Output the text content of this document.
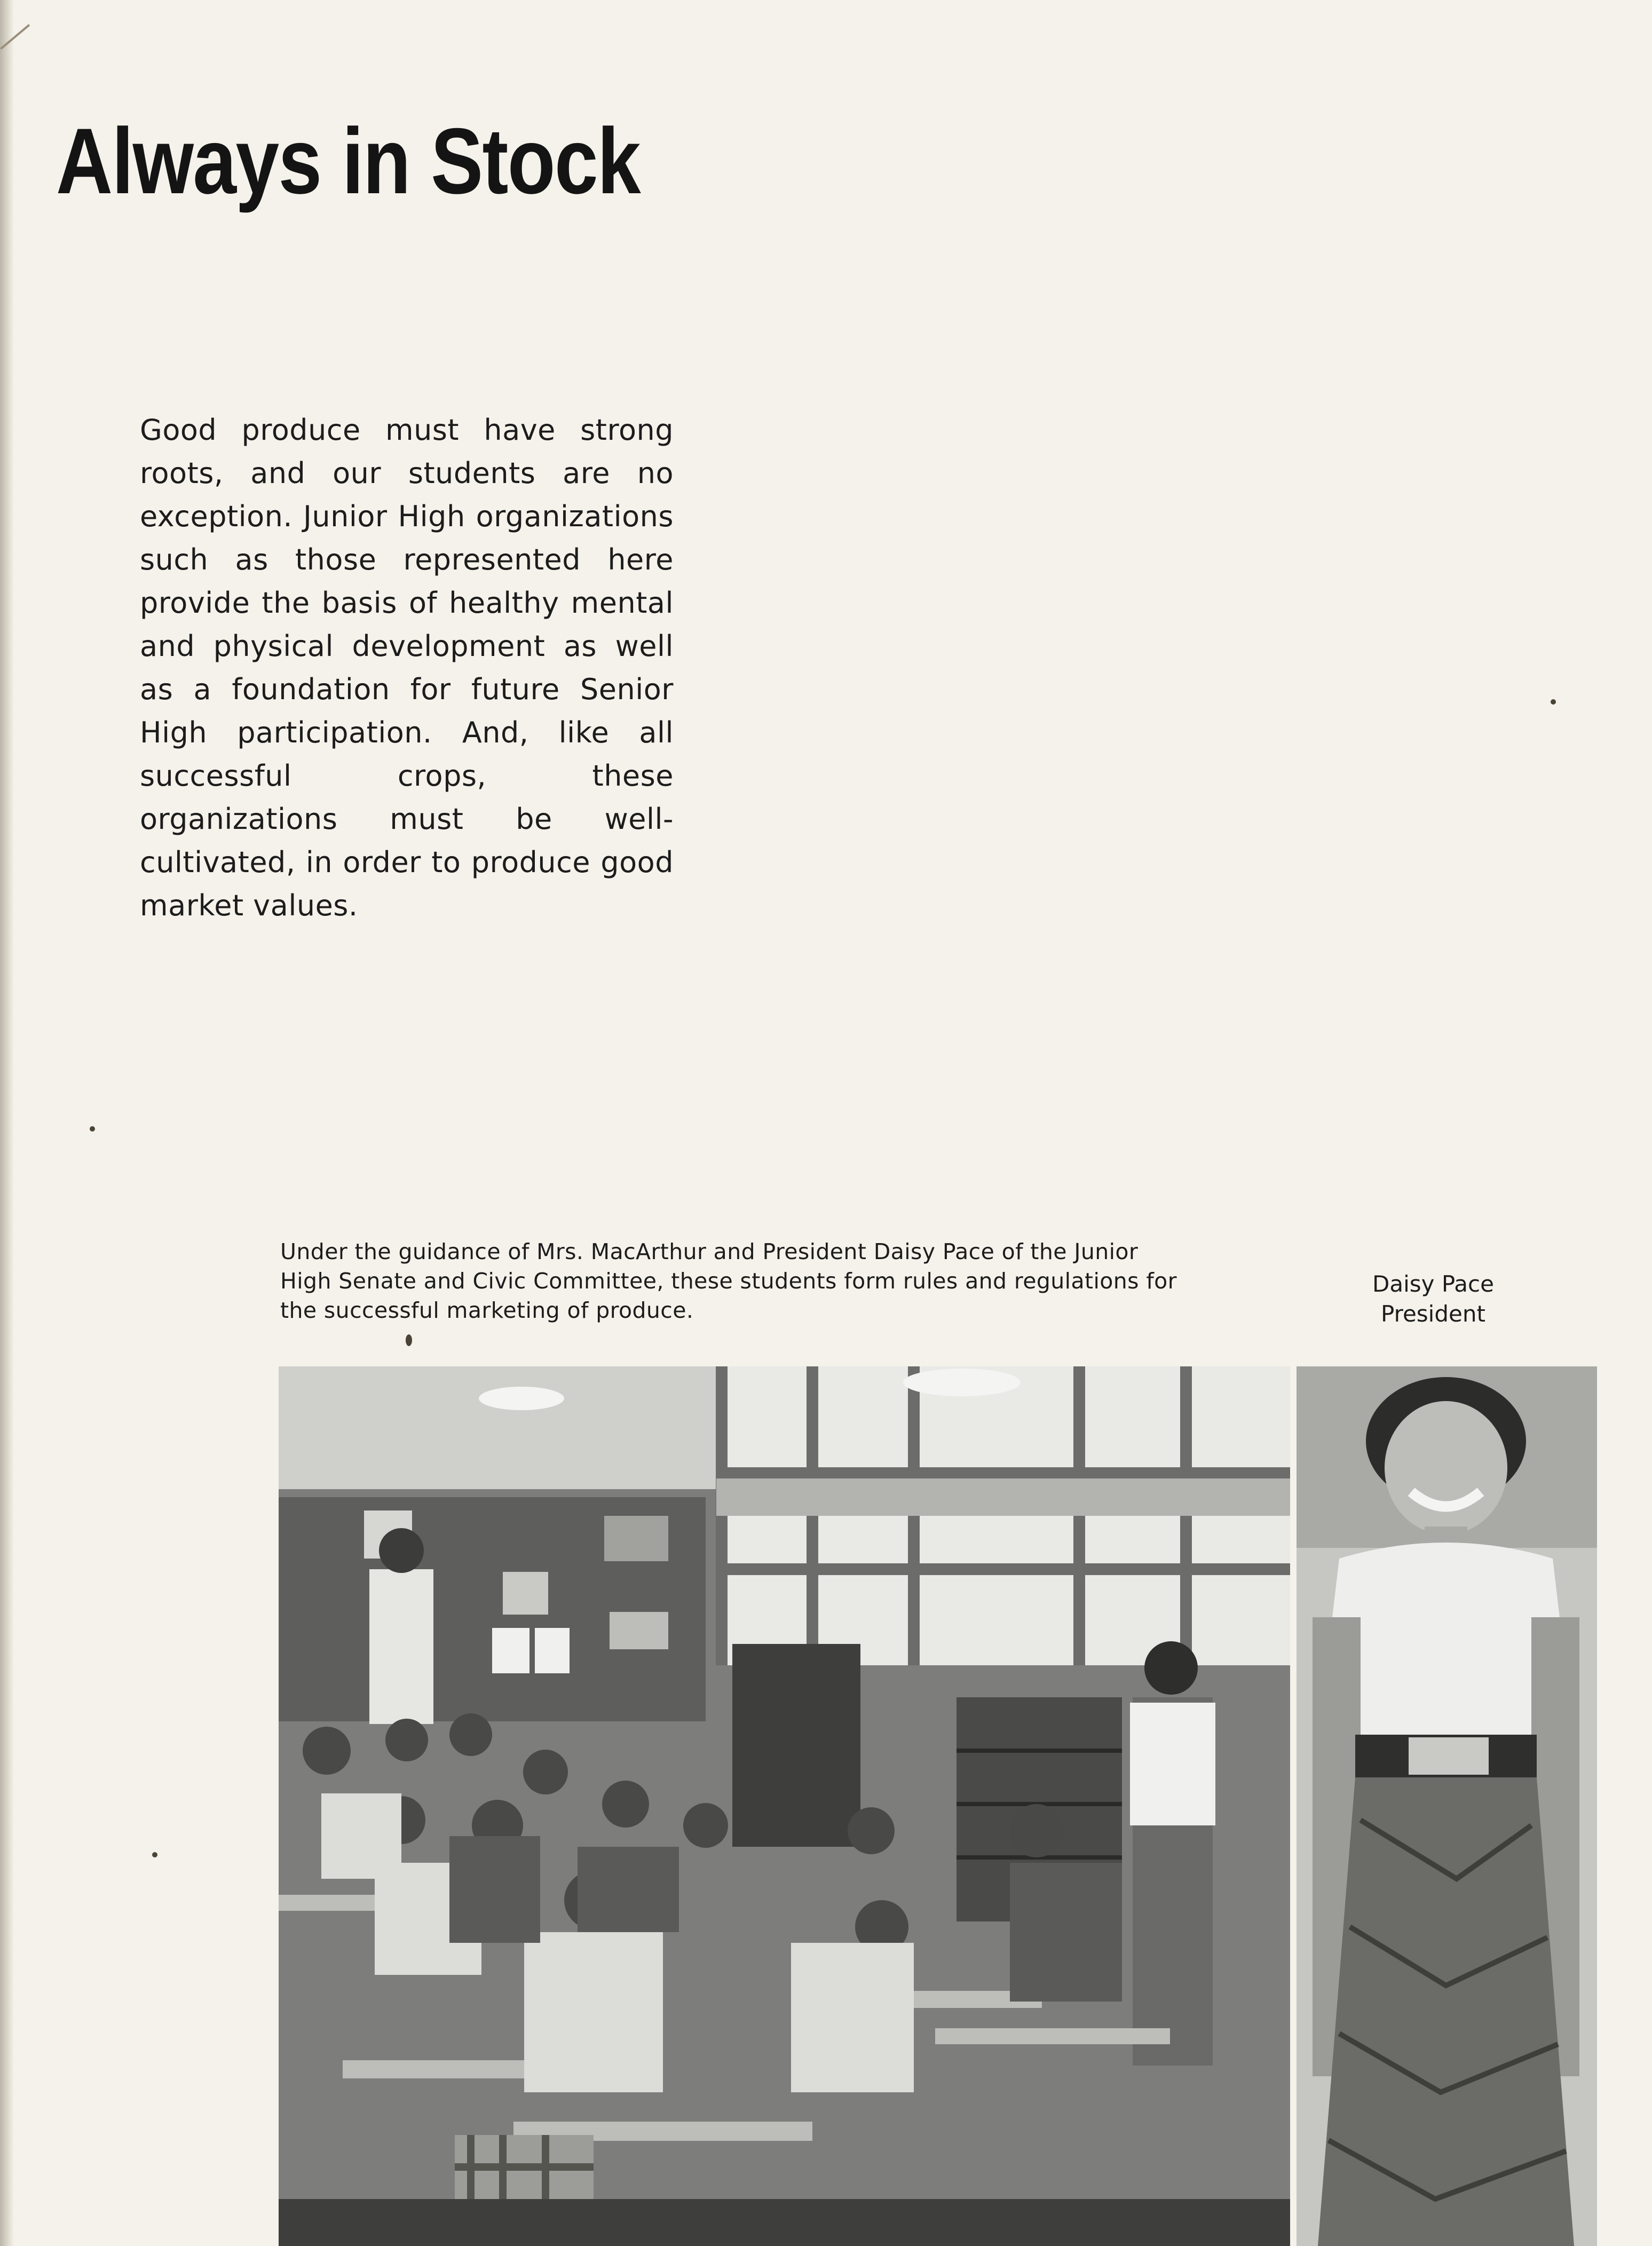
Always in Stock

Good produce must have strong roots, and our students are no exception. Junior High organizations such as those represented here provide the basis of healthy mental and physical development as well as a foundation for future Senior High participation. And, like all successful crops, these organizations must be well-cultivated, in order to produce good market values.

Under the guidance of Mrs. MacArthur and President Daisy Pace of the Junior High Senate and Civic Committee, these students form rules and regulations for the successful marketing of produce.

Daisy Pace
President
